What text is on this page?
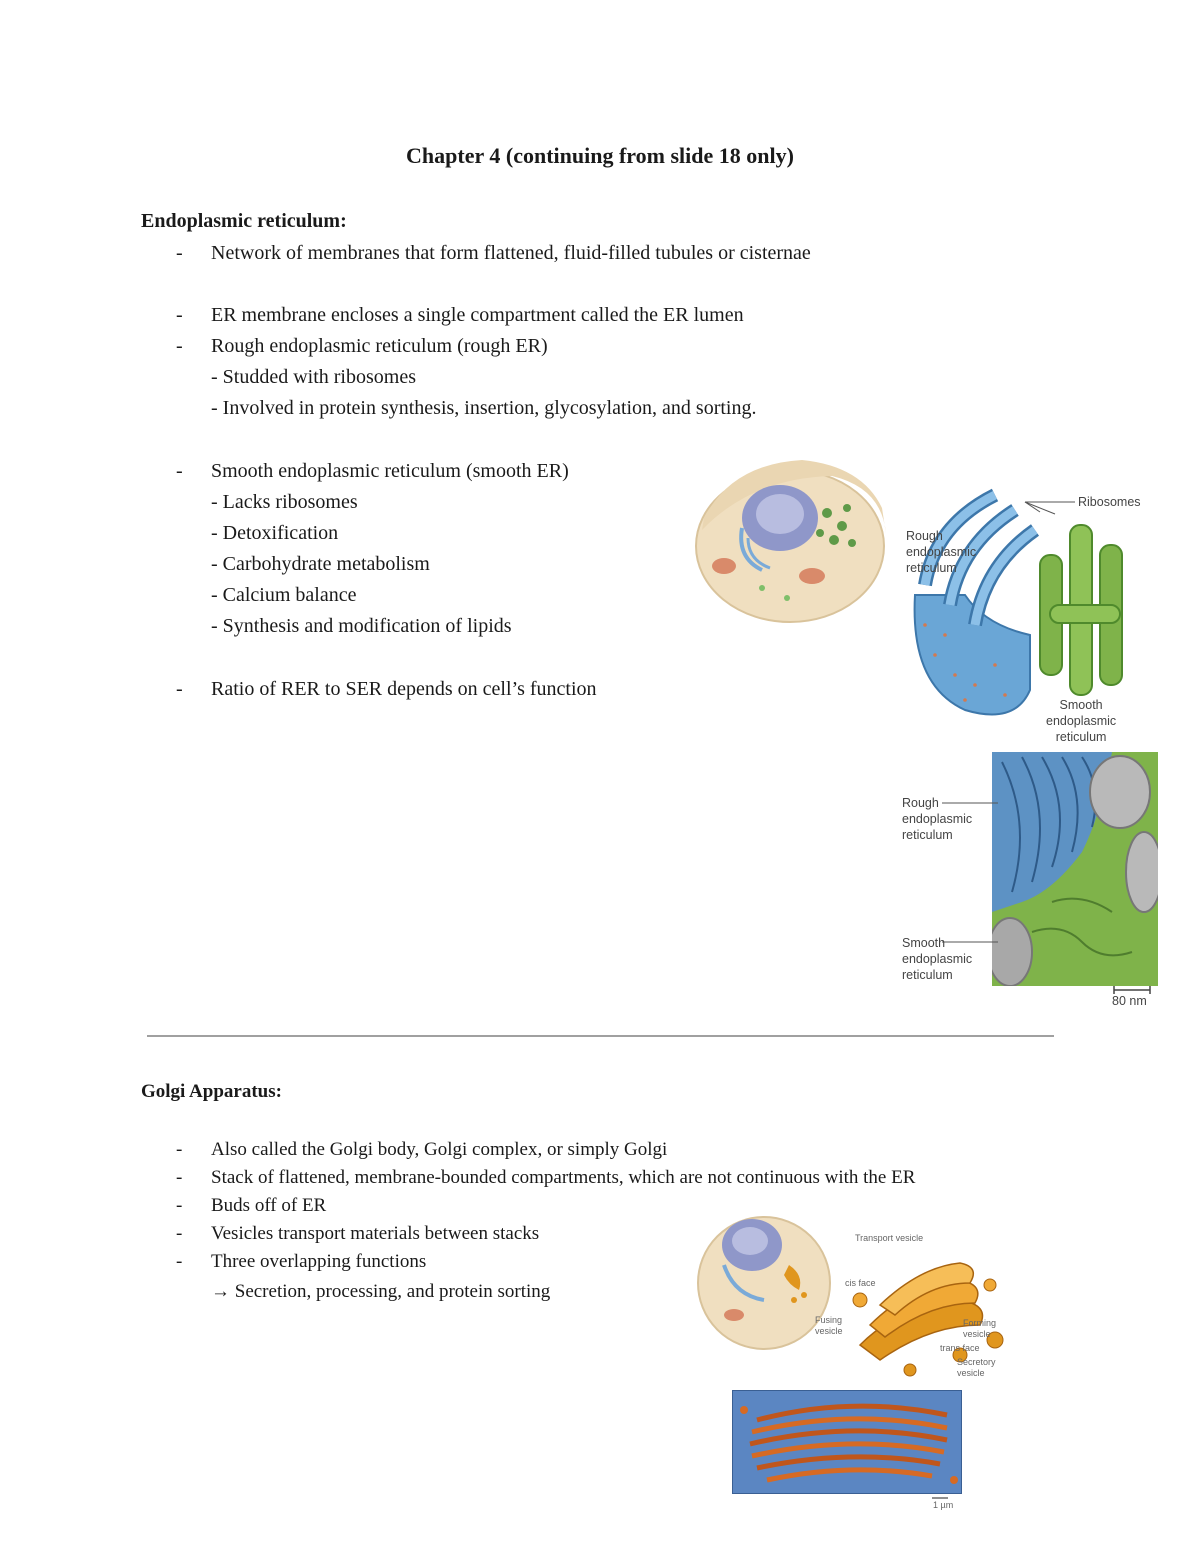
Chapter 4 (continuing from slide 18 only)
Endoplasmic reticulum:
- Network of membranes that form flattened, fluid-filled tubules or cisternae
- ER membrane encloses a single compartment called the ER lumen
- Rough endoplasmic reticulum (rough ER)
- Studded with ribosomes
- Involved in protein synthesis, insertion, glycosylation, and sorting.
- Smooth endoplasmic reticulum (smooth ER)
- Lacks ribosomes
- Detoxification
- Carbohydrate metabolism
- Calcium balance
- Synthesis and modification of lipids
- Ratio of RER to SER depends on cell’s function
Ribosomes
Rough
endoplasmic
reticulum
Smooth
endoplasmic
reticulum
Rough
endoplasmic
reticulum
Smooth
endoplasmic
reticulum
80 nm
Golgi Apparatus:
- Also called the Golgi body, Golgi complex, or simply Golgi
- Stack of flattened, membrane-bounded compartments, which are not continuous with the ER
- Buds off of ER
- Vesicles transport materials between stacks
- Three overlapping functions
→ Secretion, processing, and protein sorting
Transport vesicle
cis face
Fusing
vesicle
Forming
vesicle
trans face
Secretory
vesicle
1 µm
